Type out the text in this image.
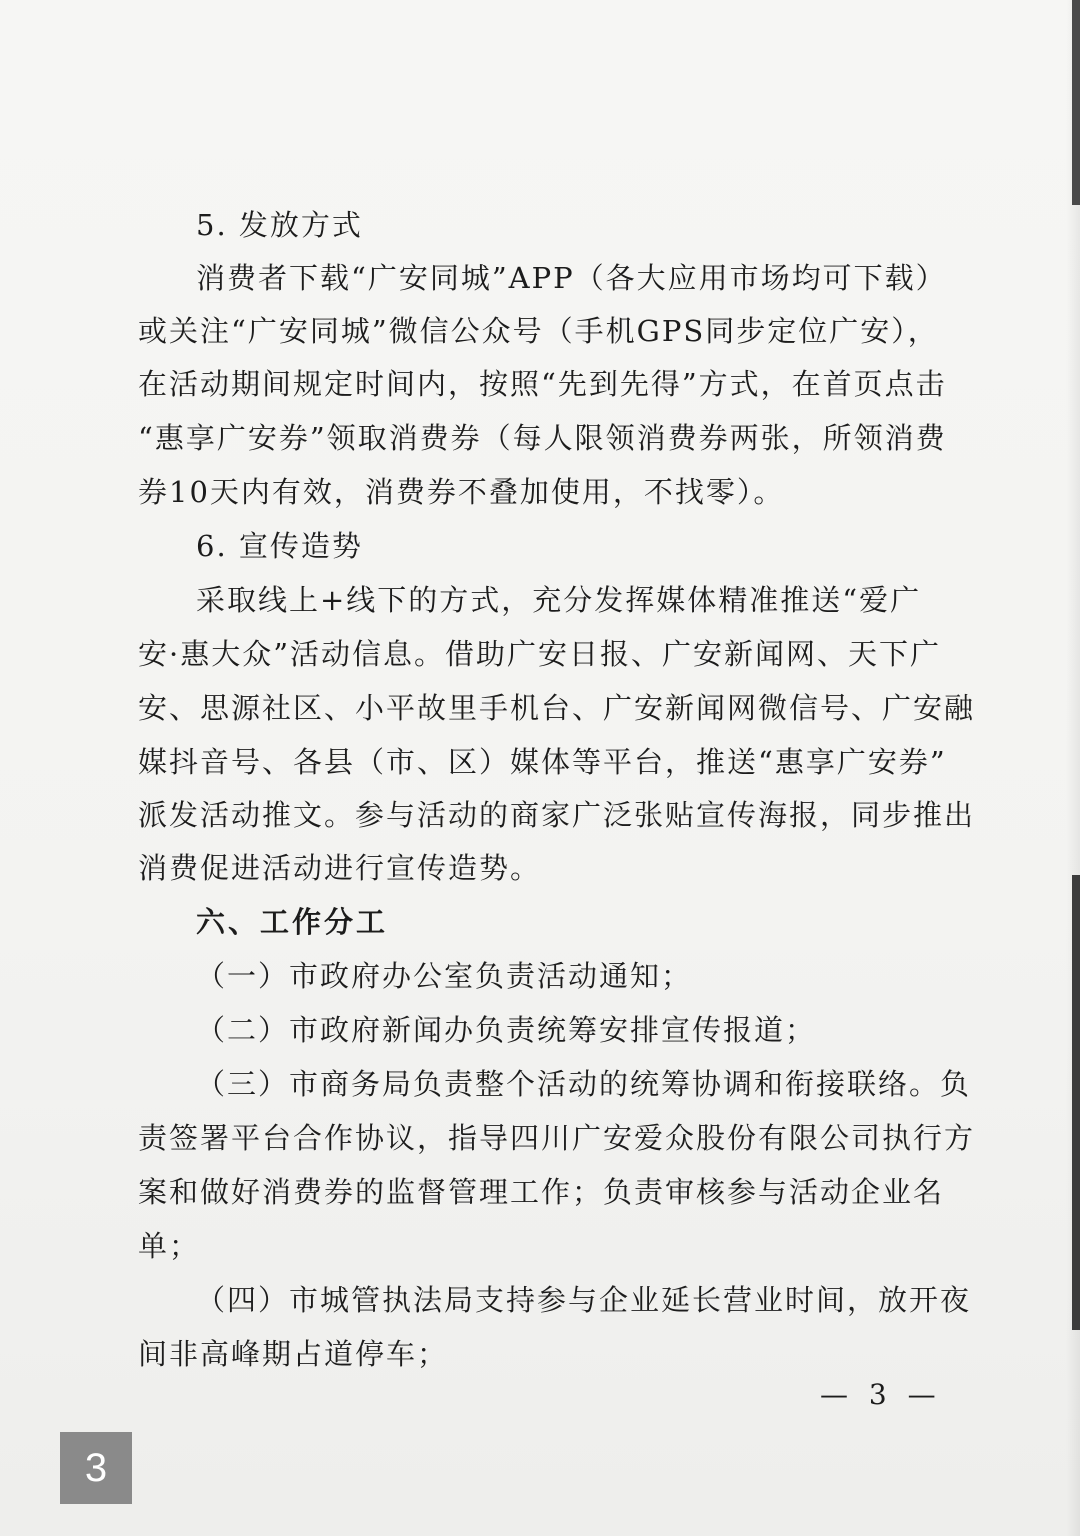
5. 发放方式
消费者下载“广安同城”APP（各大应用市场均可下载）
或关注“广安同城”微信公众号（手机GPS同步定位广安），
在活动期间规定时间内，按照“先到先得”方式，在首页点击
“惠享广安券”领取消费券（每人限领消费券两张，所领消费
券10天内有效，消费券不叠加使用，不找零）。
6. 宣传造势
采取线上+线下的方式，充分发挥媒体精准推送“爱广
安·惠大众”活动信息。借助广安日报、广安新闻网、天下广
安、思源社区、小平故里手机台、广安新闻网微信号、广安融
媒抖音号、各县（市、区）媒体等平台，推送“惠享广安券”
派发活动推文。参与活动的商家广泛张贴宣传海报，同步推出
消费促进活动进行宣传造势。
六、工作分工
（一）市政府办公室负责活动通知；
（二）市政府新闻办负责统筹安排宣传报道；
（三）市商务局负责整个活动的统筹协调和衔接联络。负
责签署平台合作协议，指导四川广安爱众股份有限公司执行方
案和做好消费券的监督管理工作；负责审核参与活动企业名
单；
（四）市城管执法局支持参与企业延长营业时间，放开夜
间非高峰期占道停车；
— 3 —
3
